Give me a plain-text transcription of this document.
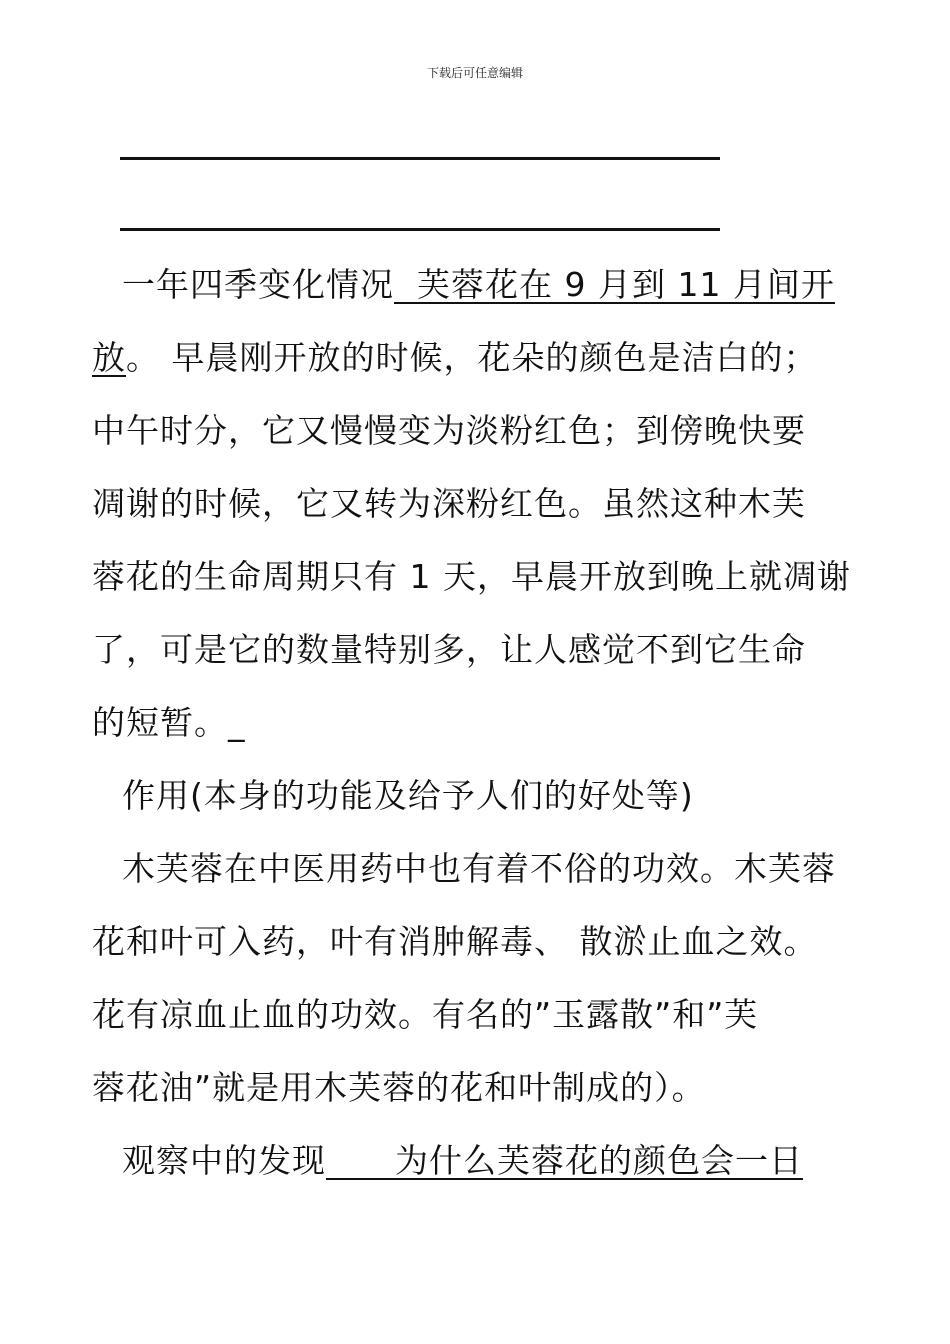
下载后可任意编辑
一年四季变化情况  芙蓉花在 9 月到 11 月间开
放。 早晨刚开放的时候，花朵的颜色是洁白的；
中午时分，它又慢慢变为淡粉红色；到傍晚快要
凋谢的时候，它又转为深粉红色。虽然这种木芙
蓉花的生命周期只有 1 天，早晨开放到晚上就凋谢
了，可是它的数量特别多，让人感觉不到它生命
的短暂。_
作用(本身的功能及给予人们的好处等)
木芙蓉在中医用药中也有着不俗的功效。木芙蓉
花和叶可入药，叶有消肿解毒、 散淤止血之效。
花有凉血止血的功效。有名的”玉露散”和”芙
蓉花油”就是用木芙蓉的花和叶制成的）。
观察中的发现      为什么芙蓉花的颜色会一日
